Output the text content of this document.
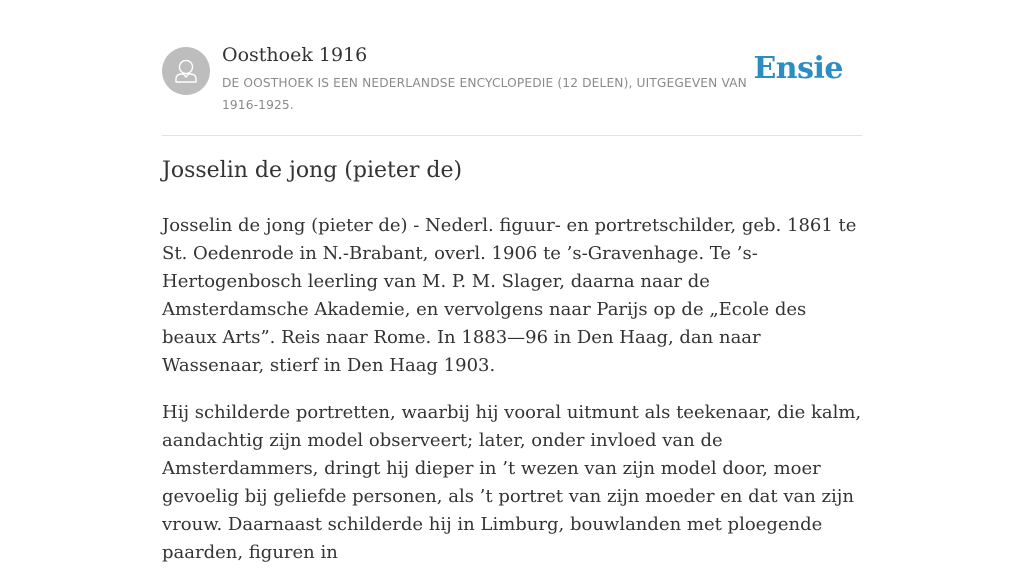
Oosthoek 1916
DE OOSTHOEK IS EEN NEDERLANDSE ENCYCLOPEDIE (12 DELEN), UITGEGEVEN VAN 1916-1925.
Ensie
Josselin de jong (pieter de)

Josselin de jong (pieter de) - Nederl. figuur- en portretschilder, geb. 1861 te St. Oedenrode in N.-Brabant, overl. 1906 te ’s-Gravenhage. Te ’s-Hertogenbosch leerling van M. P. M. Slager, daarna naar de Amsterdamsche Akademie, en vervolgens naar Parijs op de „Ecole des beaux Arts”. Reis naar Rome. In 1883—96 in Den Haag, dan naar Wassenaar, stierf in Den Haag 1903.

Hij schilderde portretten, waarbij hij vooral uitmunt als teekenaar, die kalm, aandachtig zijn model observeert; later, onder invloed van de Amsterdammers, dringt hij dieper in ’t wezen van zijn model door, moer gevoelig bij geliefde personen, als ’t portret van zijn moeder en dat van zijn vrouw. Daarnaast schilderde hij in Limburg, bouwlanden met ploegende paarden, figuren in
